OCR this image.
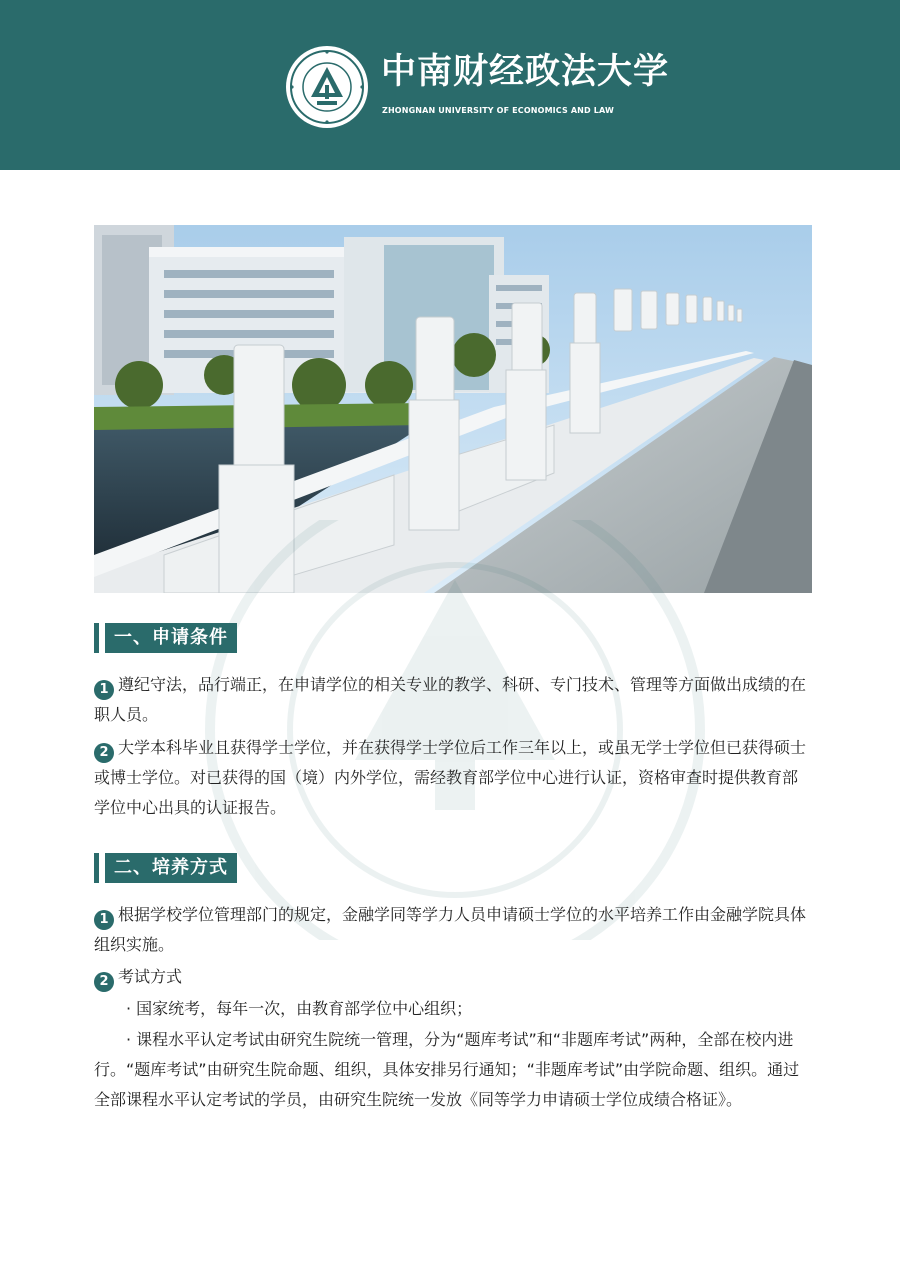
中南财经政法大学
ZHONGNAN UNIVERSITY OF ECONOMICS AND LAW
一、申请条件
1 遵纪守法，品行端正，在申请学位的相关专业的教学、科研、专门技术、管理等方面做出成绩的在职人员。
2 大学本科毕业且获得学士学位，并在获得学士学位后工作三年以上，或虽无学士学位但已获得硕士或博士学位。对已获得的国（境）内外学位，需经教育部学位中心进行认证，资格审查时提供教育部学位中心出具的认证报告。
二、培养方式
1 根据学校学位管理部门的规定，金融学同等学力人员申请硕士学位的水平培养工作由金融学院具体组织实施。
2 考试方式
· 国家统考，每年一次，由教育部学位中心组织；
· 课程水平认定考试由研究生院统一管理，分为“题库考试”和“非题库考试”两种，全部在校内进行。“题库考试”由研究生院命题、组织，具体安排另行通知；“非题库考试”由学院命题、组织。通过全部课程水平认定考试的学员，由研究生院统一发放《同等学力申请硕士学位成绩合格证》。
